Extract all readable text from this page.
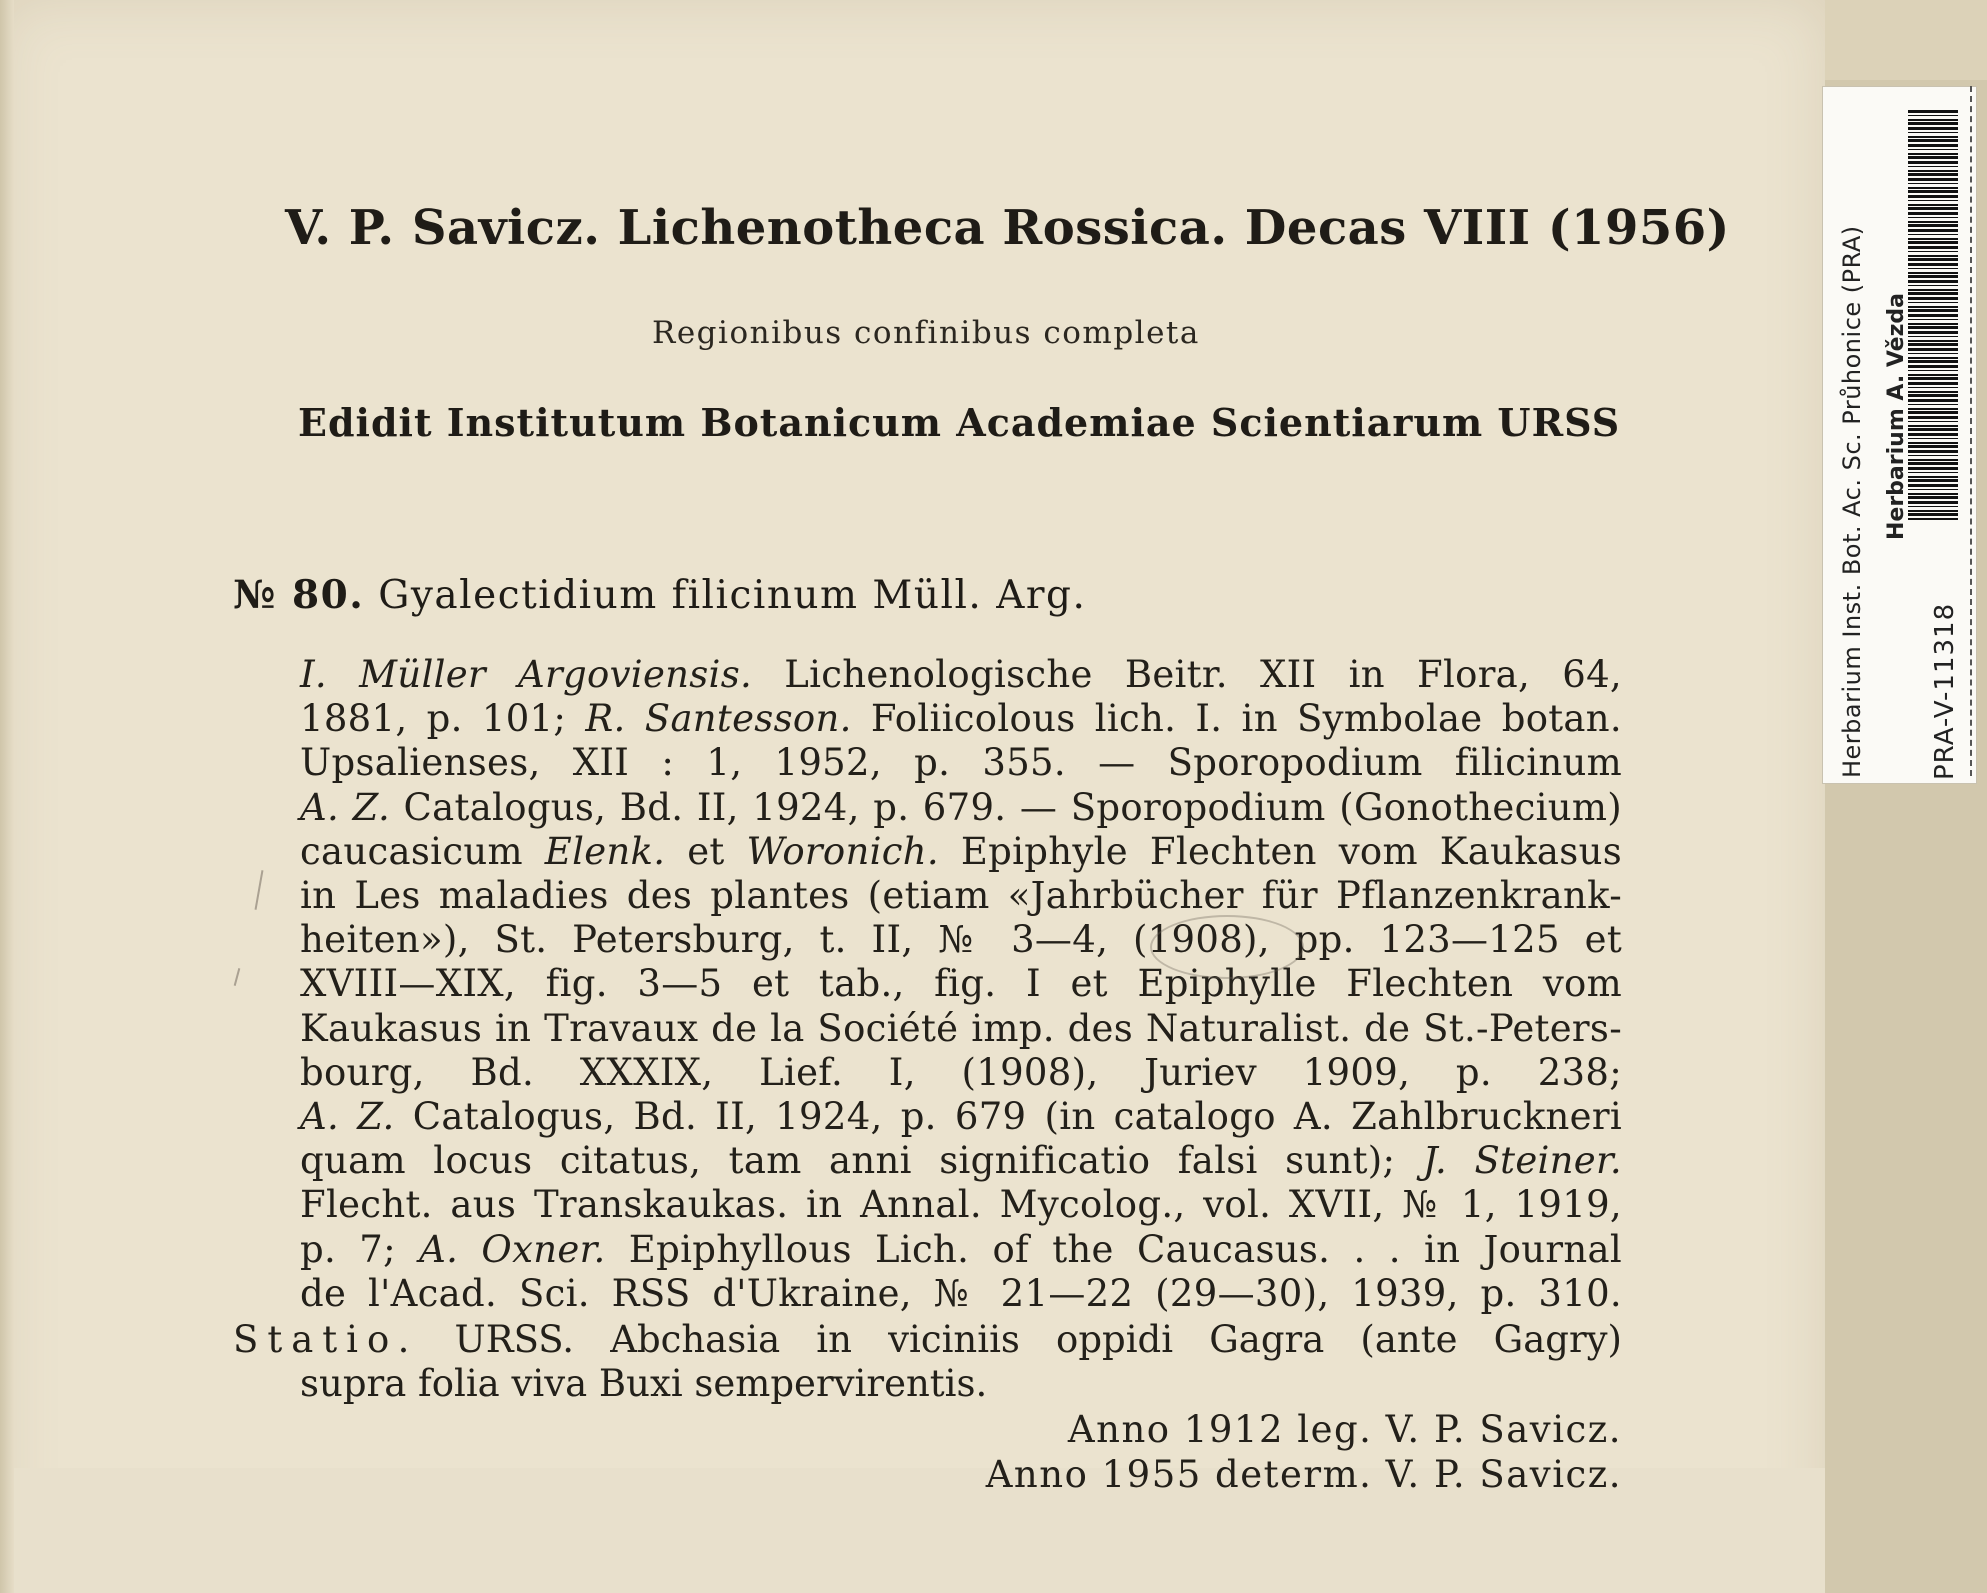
V. P. Savicz. Lichenotheca Rossica. Decas VIII (1956)
Regionibus confinibus completa
Edidit Institutum Botanicum Academiae Scientiarum URSS
№ 80. Gyalectidium filicinum Müll. Arg.
I. Müller Argoviensis. Lichenologische Beitr. XII in Flora, 64,
1881, p. 101; R. Santesson. Foliicolous lich. I. in Symbolae botan.
Upsalienses, XII : 1, 1952, p. 355. — Sporopodium filicinum
A. Z. Catalogus, Bd. II, 1924, p. 679. — Sporopodium (Gonothecium)
caucasicum Elenk. et Woronich. Epiphyle Flechten vom Kaukasus
in Les maladies des plantes (etiam «Jahrbücher für Pflanzenkrank-
heiten»), St. Petersburg, t. II, № 3—4, (1908), pp. 123—125 et
XVIII—XIX, fig. 3—5 et tab., fig. I et Epiphylle Flechten vom
Kaukasus in Travaux de la Société imp. des Naturalist. de St.-Peters-
bourg, Bd. XXXIX, Lief. I, (1908), Juriev 1909, p. 238;
A. Z. Catalogus, Bd. II, 1924, p. 679 (in catalogo A. Zahlbruckneri
quam locus citatus, tam anni significatio falsi sunt); J. Steiner.
Flecht. aus Transkaukas. in Annal. Mycolog., vol. XVII, № 1, 1919,
p. 7; A. Oxner. Epiphyllous Lich. of the Caucasus. . . in Journal
de l'Acad. Sci. RSS d'Ukraine, № 21—22 (29—30), 1939, p. 310.
Statio. URSS. Abchasia in viciniis oppidi Gagra (ante Gagry)
supra folia viva Buxi sempervirentis.
Anno 1912 leg. V. P. Savicz.
Anno 1955 determ. V. P. Savicz.
Herbarium Inst. Bot. Ac. Sc. Průhonice (PRA) Herbarium A. Vězda
PRA-V-11318
